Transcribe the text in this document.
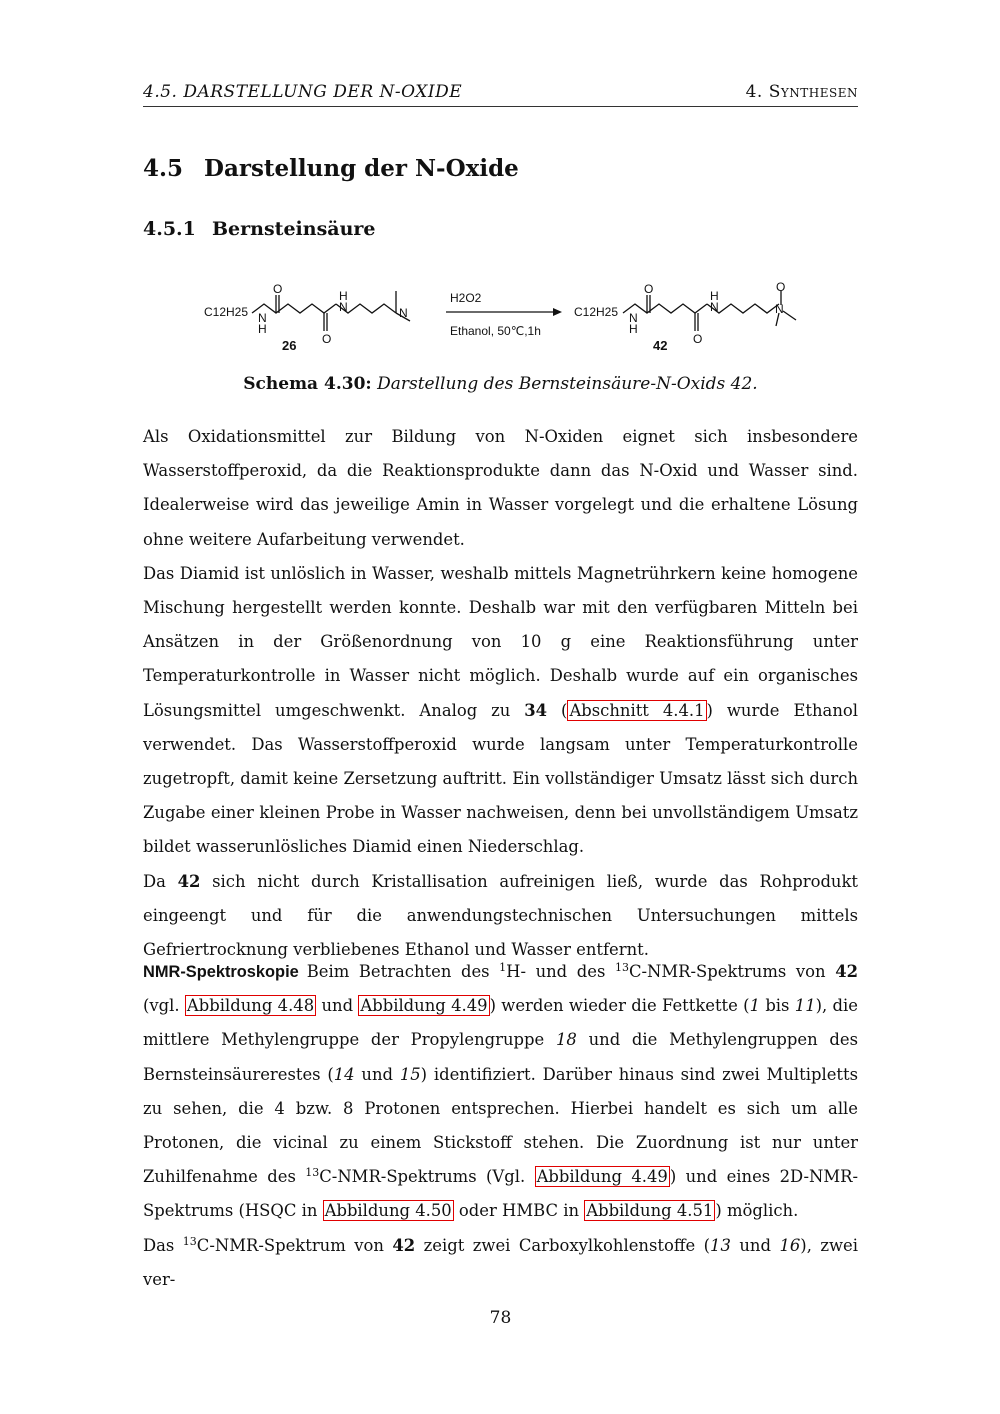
4.5. DARSTELLUNG DER N-OXIDE	4. Synthesen
4.5 Darstellung der N-Oxide
4.5.1 Bernsteinsäure
C12H25 N
H
O
O
H
N	N
H2O2
Ethanol, 50℃,1h
C12H25 N
H
O
O
H
N	N
O
26	42
Schema 4.30: Darstellung des Bernsteinsäure-N-Oxids 42.

Als Oxidationsmittel zur Bildung von N-Oxiden eignet sich insbesondere Wasserstoffperoxid, da die Reaktionsprodukte dann das N-Oxid und Wasser sind. Idealerweise wird das jeweilige Amin in Wasser vorgelegt und die erhaltene Lösung ohne weitere Aufarbeitung verwendet.

Das Diamid ist unlöslich in Wasser, weshalb mittels Magnetrührkern keine homogene Mischung hergestellt werden konnte. Deshalb war mit den verfügbaren Mitteln bei Ansätzen in der Größenordnung von 10 g eine Reaktionsführung unter Temperaturkontrolle in Wasser nicht möglich. Deshalb wurde auf ein organisches Lösungsmittel umgeschwenkt. Analog zu 34 ( Abschnitt 4.4.1 ) wurde Ethanol verwendet. Das Wasserstoffperoxid wurde langsam unter Temperaturkontrolle zugetropft, damit keine Zersetzung auftritt. Ein vollständiger Umsatz lässt sich durch Zugabe einer kleinen Probe in Wasser nachweisen, denn bei unvollständigem Umsatz bildet wasserunlösliches Diamid einen Niederschlag.

Da 42 sich nicht durch Kristallisation aufreinigen ließ, wurde das Rohprodukt eingeengt und für die anwendungstechnischen Untersuchungen mittels Gefriertrocknung verbliebenes Ethanol und Wasser entfernt.

NMR-Spektroskopie Beim Betrachten des $^1$H- und des $^{13}$C-NMR-Spektrums von 42 (vgl. Abbildung 4.48 und Abbildung 4.49 ) werden wieder die Fettkette (1 bis 11), die mittlere Methylengruppe der Propylengruppe 18 und die Methylengruppen des Bernsteinsäurerestes (14 und 15) identifiziert. Darüber hinaus sind zwei Multipletts zu sehen, die 4 bzw. 8 Protonen entsprechen. Hierbei handelt es sich um alle Protonen, die vicinal zu einem Stickstoff stehen. Die Zuordnung ist nur unter Zuhilfenahme des $^{13}$C-NMR-Spektrums (Vgl. Abbildung 4.49 ) und eines 2D-NMR-Spektrums (HSQC in Abbildung 4.50 oder HMBC in Abbildung 4.51 ) möglich.

Das $^{13}$C-NMR-Spektrum von 42 zeigt zwei Carboxylkohlenstoffe (13 und 16), zwei ver-

78
